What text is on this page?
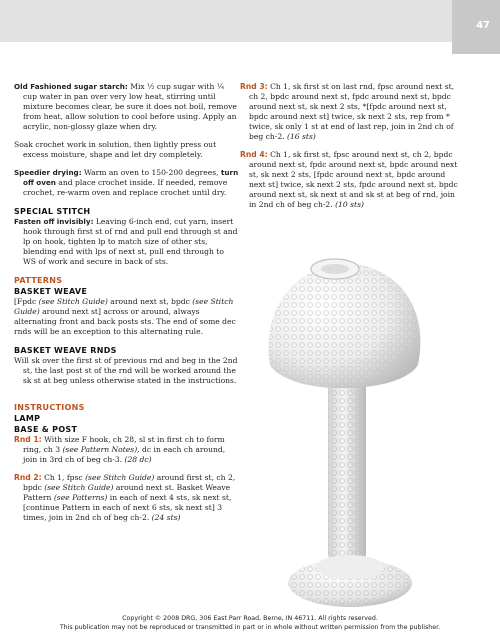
47

Old Fashioned sugar starch: Mix ½ cup sugar with ¼ cup water in pan over very low heat, stirring until mixture becomes clear, be sure it does not boil, remove from heat, allow solution to cool before using. Apply an acrylic, non-glossy glaze when dry.

Soak crochet work in solution, then lightly press out excess moisture, shape and let dry completely.

Speedier drying: Warm an oven to 150-200 degrees, turn off oven and place crochet inside. If needed, remove crochet, re-warm oven and replace crochet until dry.

SPECIAL STITCH

Fasten off invisibly: Leaving 6-inch end, cut yarn, insert hook through first st of rnd and pull end through st and lp on hook, tighten lp to match size of other sts, blending end with lps of next st, pull end through to WS of work and secure in back of sts.

PATTERNS
BASKET WEAVE

[Fpdc (see Stitch Guide) around next st, bpdc (see Stitch Guide) around next st] across or around, always alternating front and back posts sts. The end of some dec rnds will be an exception to this alternating rule.

BASKET WEAVE RNDS

Will sk over the first st of previous rnd and beg in the 2nd st, the last post st of the rnd will be worked around the sk st at beg unless otherwise stated in the instructions.

INSTRUCTIONS
LAMP
BASE & POST

Rnd 1: With size F hook, ch 28, sl st in first ch to form ring, ch 3 (see Pattern Notes), dc in each ch around, join in 3rd ch of beg ch-3. (28 dc)

Rnd 2: Ch 1, fpsc (see Stitch Guide) around first st, ch 2, bpdc (see Stitch Guide) around next st. Basket Weave Pattern (see Patterns) in each of next 4 sts, sk next st, [continue Pattern in each of next 6 sts, sk next st] 3 times, join in 2nd ch of beg ch-2. (24 sts)

Rnd 3: Ch 1, sk first st on last rnd, fpsc around next st, ch 2, bpdc around next st, fpdc around next st, bpdc around next st, sk next 2 sts, *[fpdc around next st, bpdc around next st] twice, sk next 2 sts, rep from * twice, sk only 1 st at end of last rep, join in 2nd ch of beg ch-2. (16 sts)

Rnd 4: Ch 1, sk first st, fpsc around next st, ch 2, bpdc around next st, fpdc around next st, bpdc around next st, sk next 2 sts, [fpdc around next st, bpdc around next st] twice, sk next 2 sts, fpdc around next st, bpdc around next st, sk next st and sk st at beg of rnd, join in 2nd ch of beg ch-2. (10 sts)

Copyright © 2008 DRG, 306 East Parr Road, Berne, IN 46711. All rights reserved.
This publication may not be reproduced or transmitted in part or in whole without written permission from the publisher.
